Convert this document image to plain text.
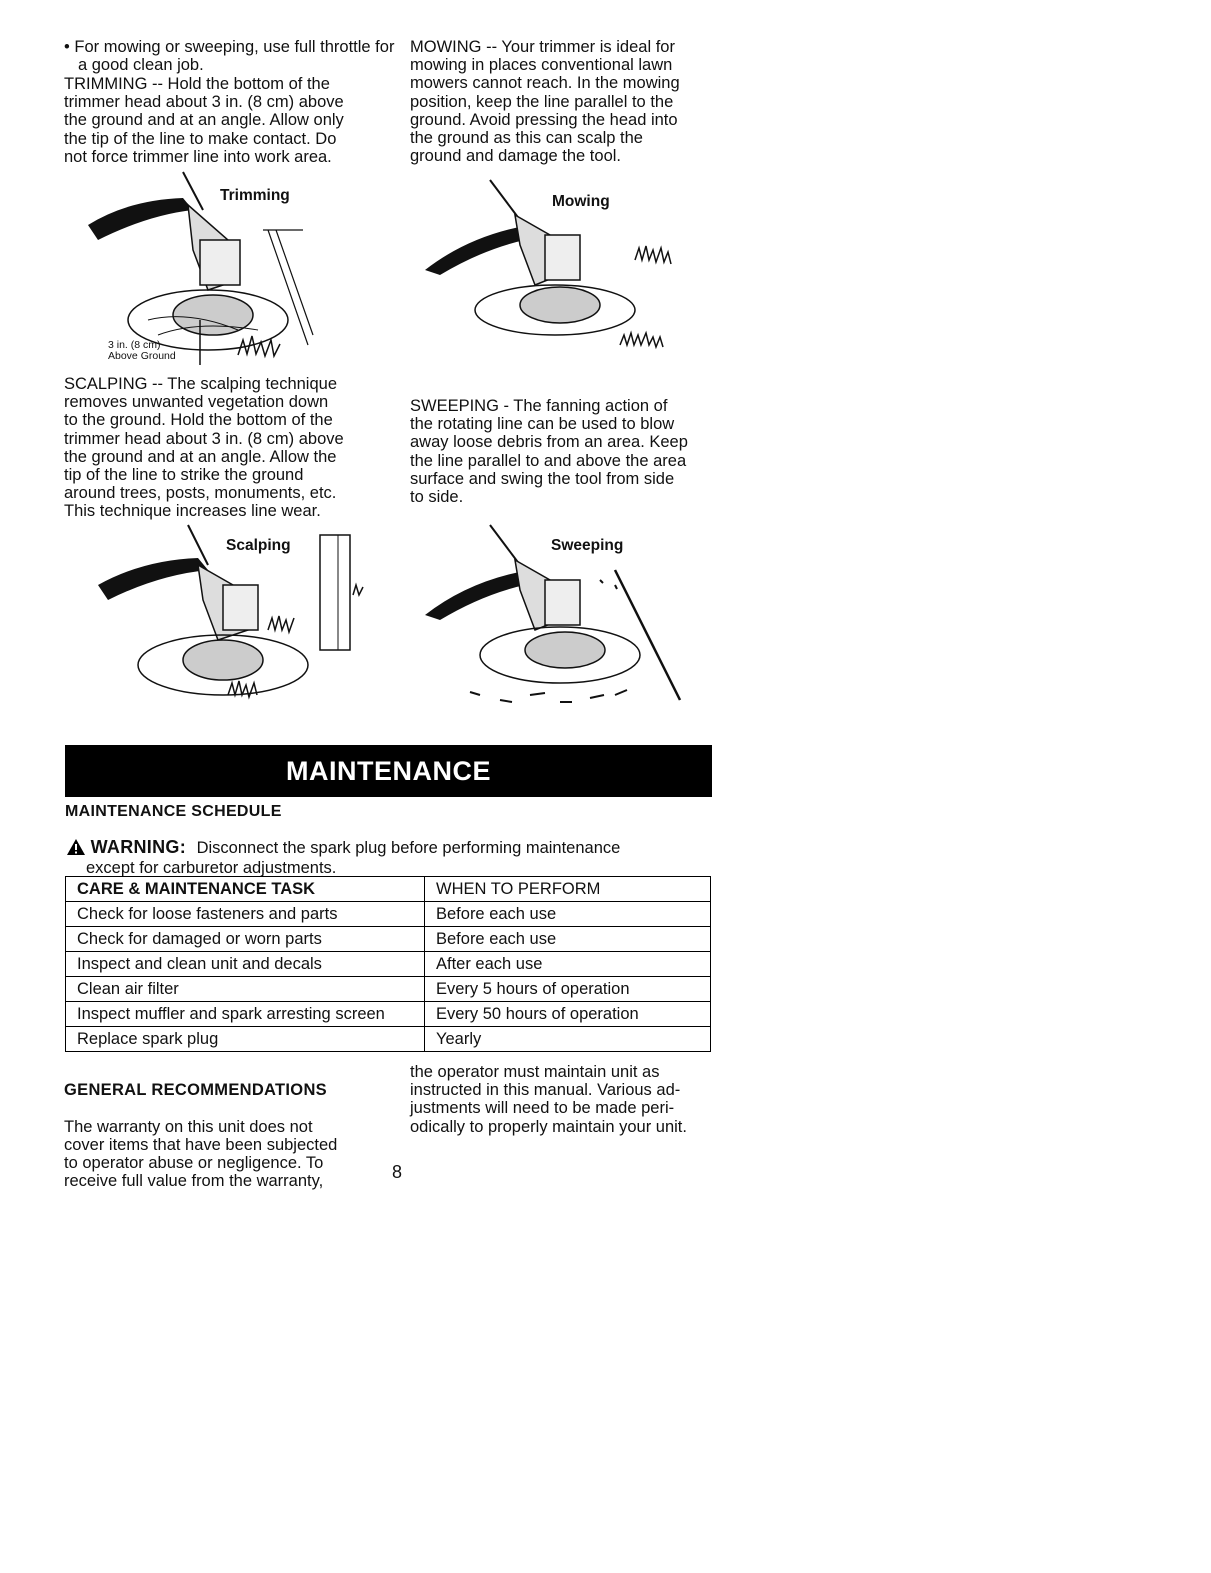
• For mowing or sweeping, use full throttle for a good clean job.
TRIMMING -- Hold the bottom of the
trimmer head about 3 in. (8 cm) above
the ground and at an angle. Allow only
the tip of the line to make contact. Do
not force trimmer line into work area.
MOWING -- Your trimmer is ideal for
mowing in places conventional lawn
mowers cannot reach. In the mowing
position, keep the line parallel to the
ground. Avoid pressing the head into
the ground as this can scalp the
ground and damage the tool.
Trimming
3 in. (8 cm)
Above Ground
Mowing
SCALPING -- The scalping technique
removes unwanted vegetation down
to the ground. Hold the bottom of the
trimmer head about 3 in. (8 cm) above
the ground and at an angle. Allow the
tip of the line to strike the ground
around trees, posts, monuments, etc.
This technique increases line wear.
SWEEPING - The fanning action of
the rotating line can be used to blow
away loose debris from an area. Keep
the line parallel to and above the area
surface and swing the tool from side
to side.
Scalping	Sweeping
MAINTENANCE
MAINTENANCE SCHEDULE
WARNING: Disconnect the spark plug before performing maintenance
except for carburetor adjustments.
CARE & MAINTENANCE TASK	WHEN TO PERFORM
Check for loose fasteners and parts	Before each use
Check for damaged or worn parts	Before each use
Inspect and clean unit and decals	After each use
Clean air filter	Every 5 hours of operation
Inspect muffler and spark arresting screen	Every 50 hours of operation
Replace spark plug	Yearly

GENERAL RECOMMENDATIONS

The warranty on this unit does not
cover items that have been subjected
to operator abuse or negligence. To
receive full value from the warranty,

the operator must maintain unit as
instructed in this manual. Various ad-
justments will need to be made peri-
odically to properly maintain your unit.
8
